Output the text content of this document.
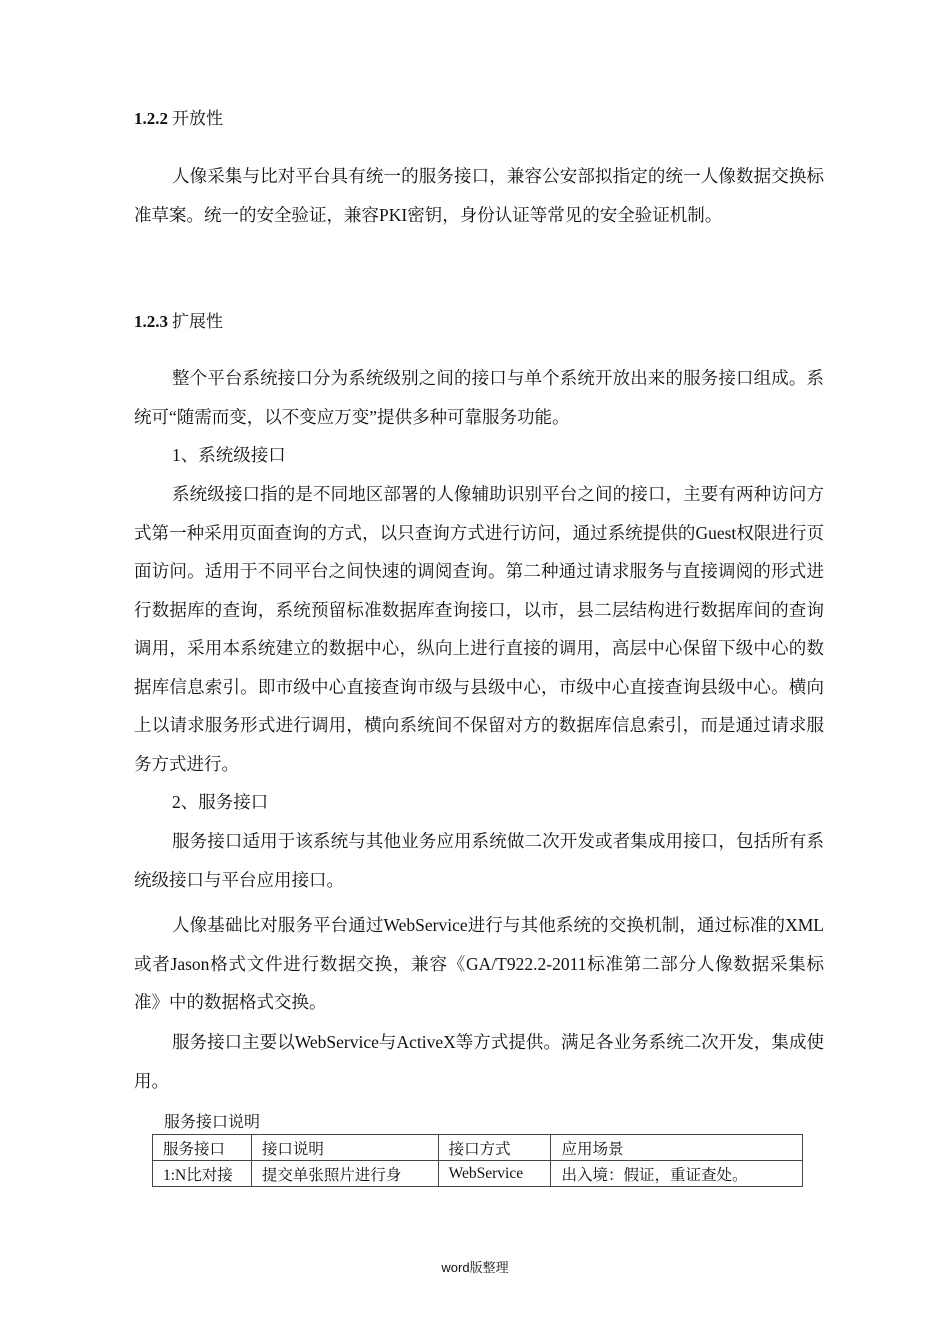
1.2.2 开放性

人像采集与比对平台具有统一的服务接口，兼容公安部拟指定的统一人像数据交换标准草案。统一的安全验证，兼容PKI密钥，身份认证等常见的安全验证机制。

1.2.3 扩展性

整个平台系统接口分为系统级别之间的接口与单个系统开放出来的服务接口组成。系统可“随需而变，以不变应万变”提供多种可靠服务功能。

1、系统级接口

系统级接口指的是不同地区部署的人像辅助识别平台之间的接口，主要有两种访问方式第一种采用页面查询的方式，以只查询方式进行访问，通过系统提供的Guest权限进行页面访问。适用于不同平台之间快速的调阅查询。第二种通过请求服务与直接调阅的形式进行数据库的查询，系统预留标准数据库查询接口，以市，县二层结构进行数据库间的查询调用，采用本系统建立的数据中心，纵向上进行直接的调用，高层中心保留下级中心的数据库信息索引。即市级中心直接查询市级与县级中心，市级中心直接查询县级中心。横向上以请求服务形式进行调用，横向系统间不保留对方的数据库信息索引，而是通过请求服务方式进行。

2、服务接口

服务接口适用于该系统与其他业务应用系统做二次开发或者集成用接口，包括所有系统级接口与平台应用接口。

人像基础比对服务平台通过WebService进行与其他系统的交换机制，通过标准的XML或者Jason格式文件进行数据交换，兼容《GA/T922.2-2011标准第二部分人像数据采集标准》中的数据格式交换。

服务接口主要以WebService与ActiveX等方式提供。满足各业务系统二次开发，集成使用。

服务接口说明
服务接口	接口说明	接口方式	应用场景
1:N比对接	提交单张照片进行身	WebService	出入境：假证，重证查处。
word版整理
